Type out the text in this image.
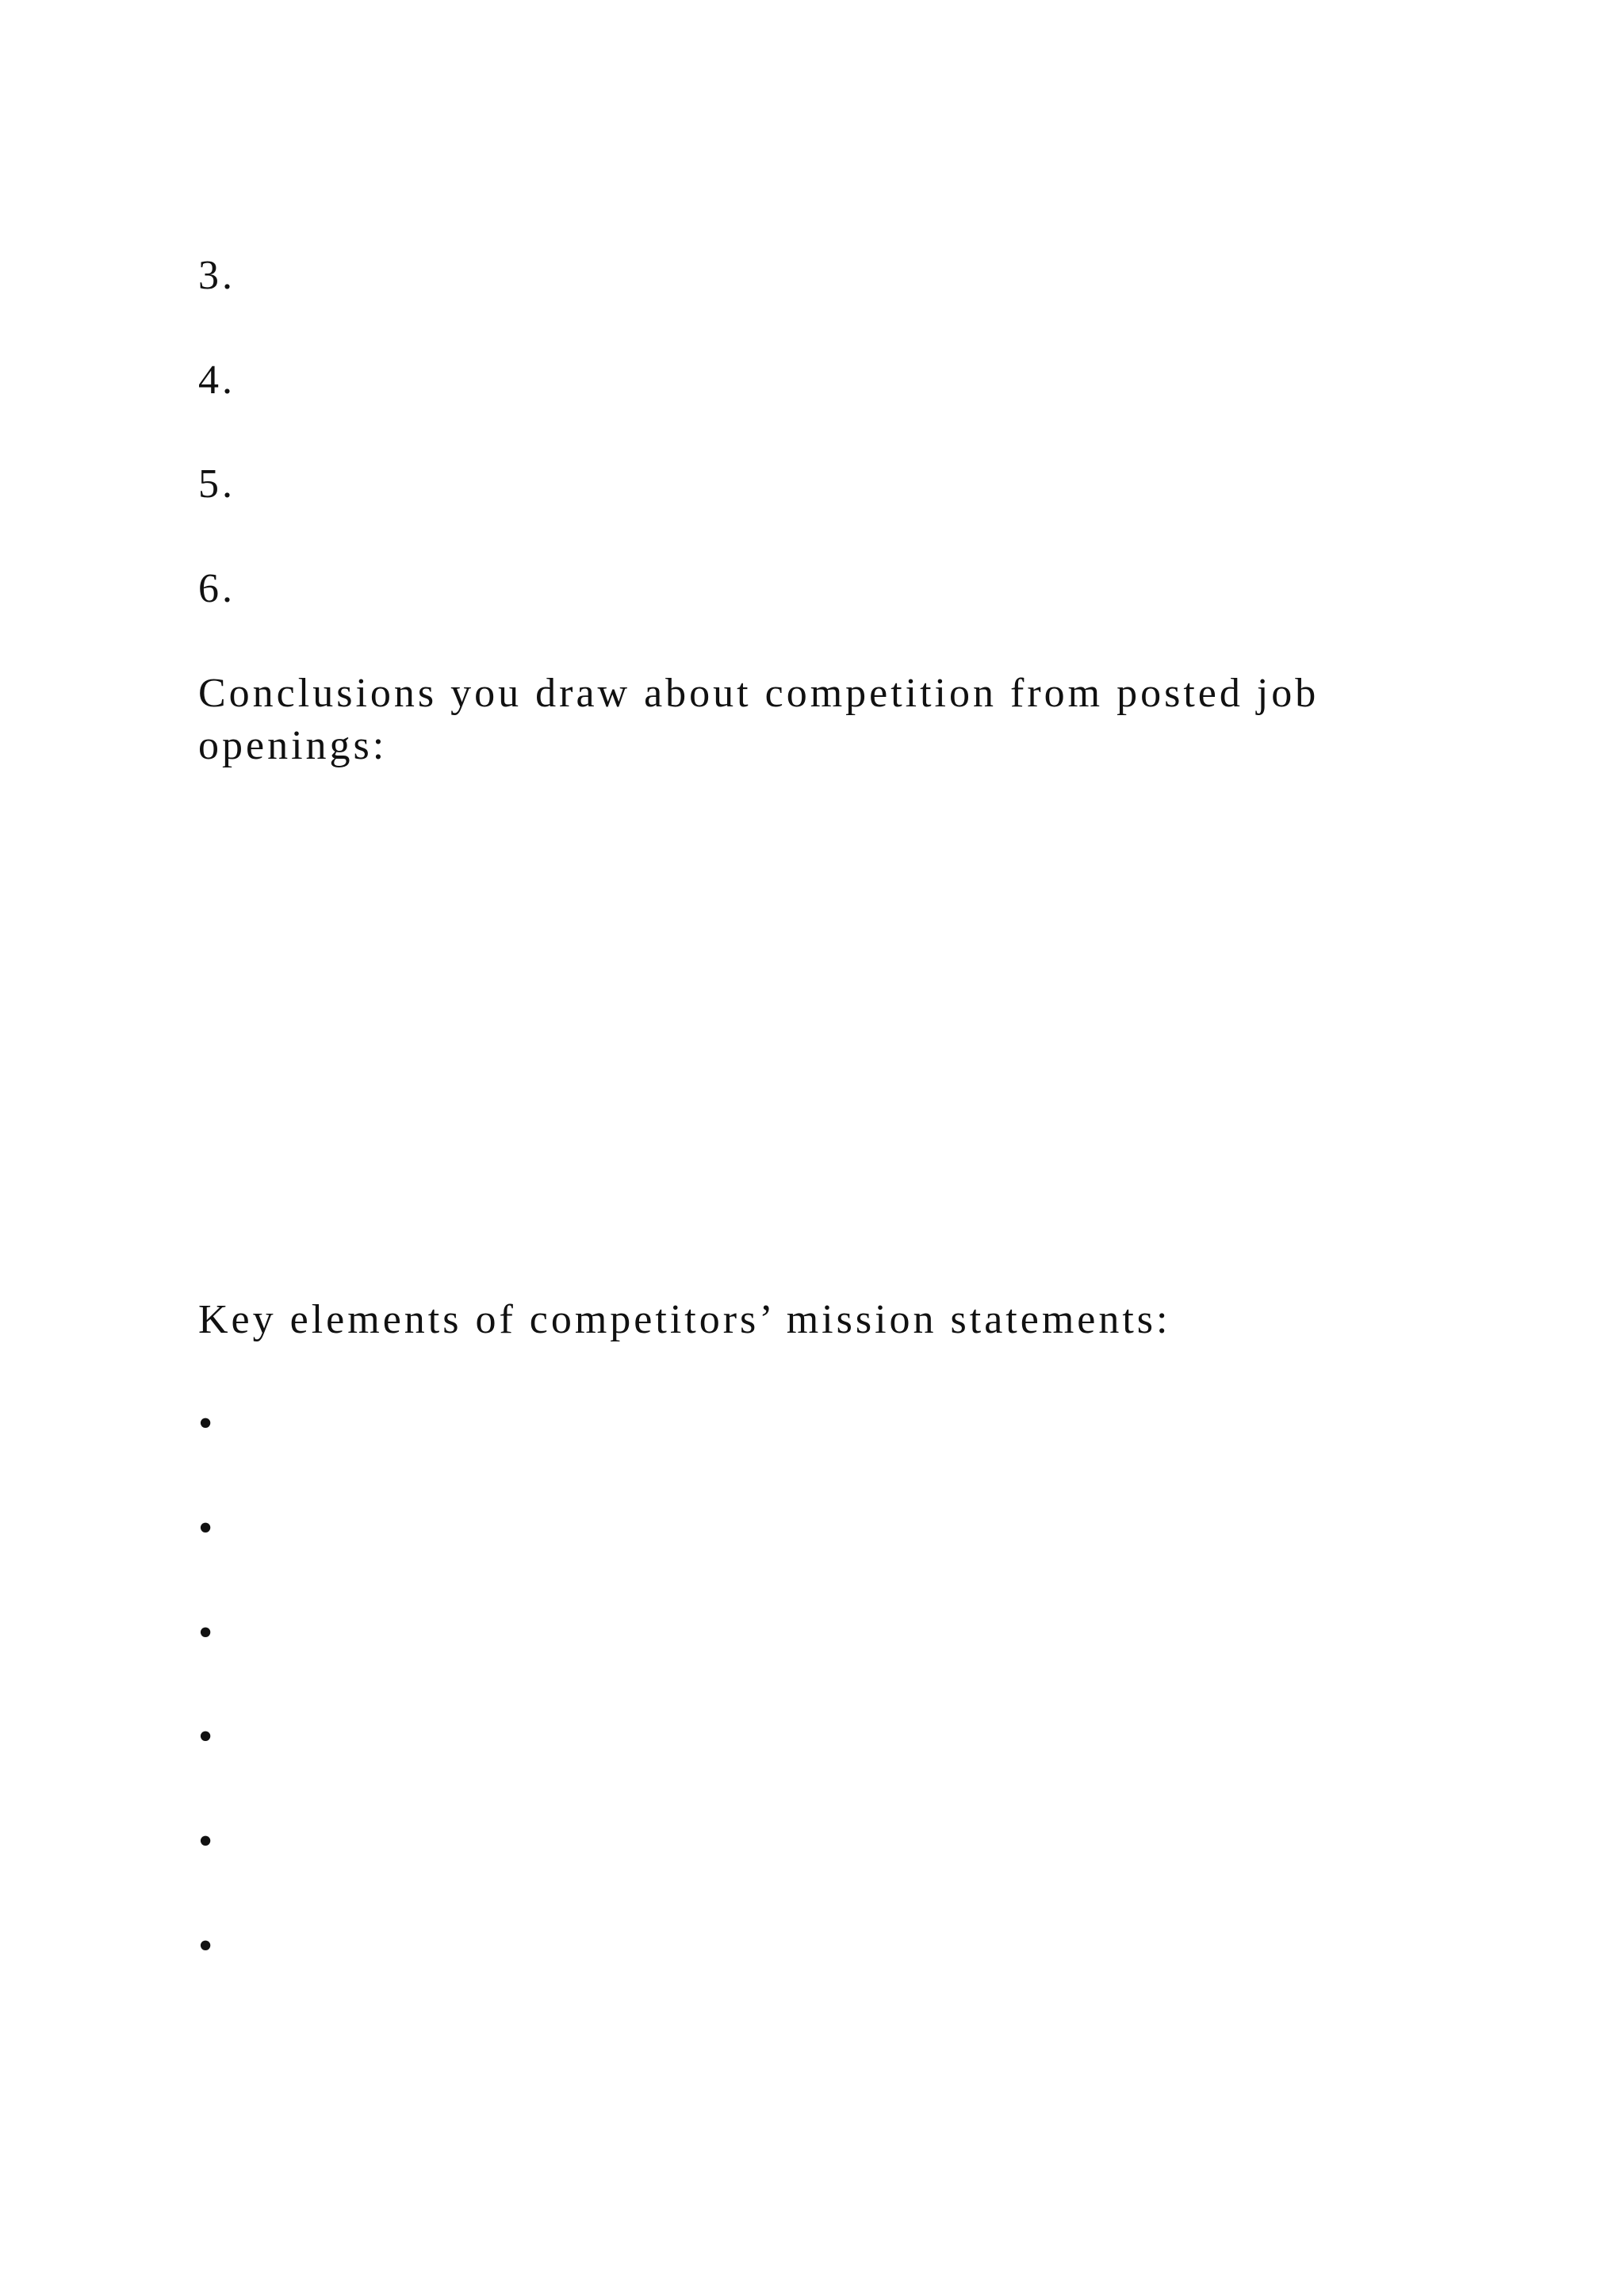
3.
4.
5.
6.
Conclusions you draw about competition from posted job openings:
Key elements of competitors’ mission statements:
•
•
•
•
•
•
